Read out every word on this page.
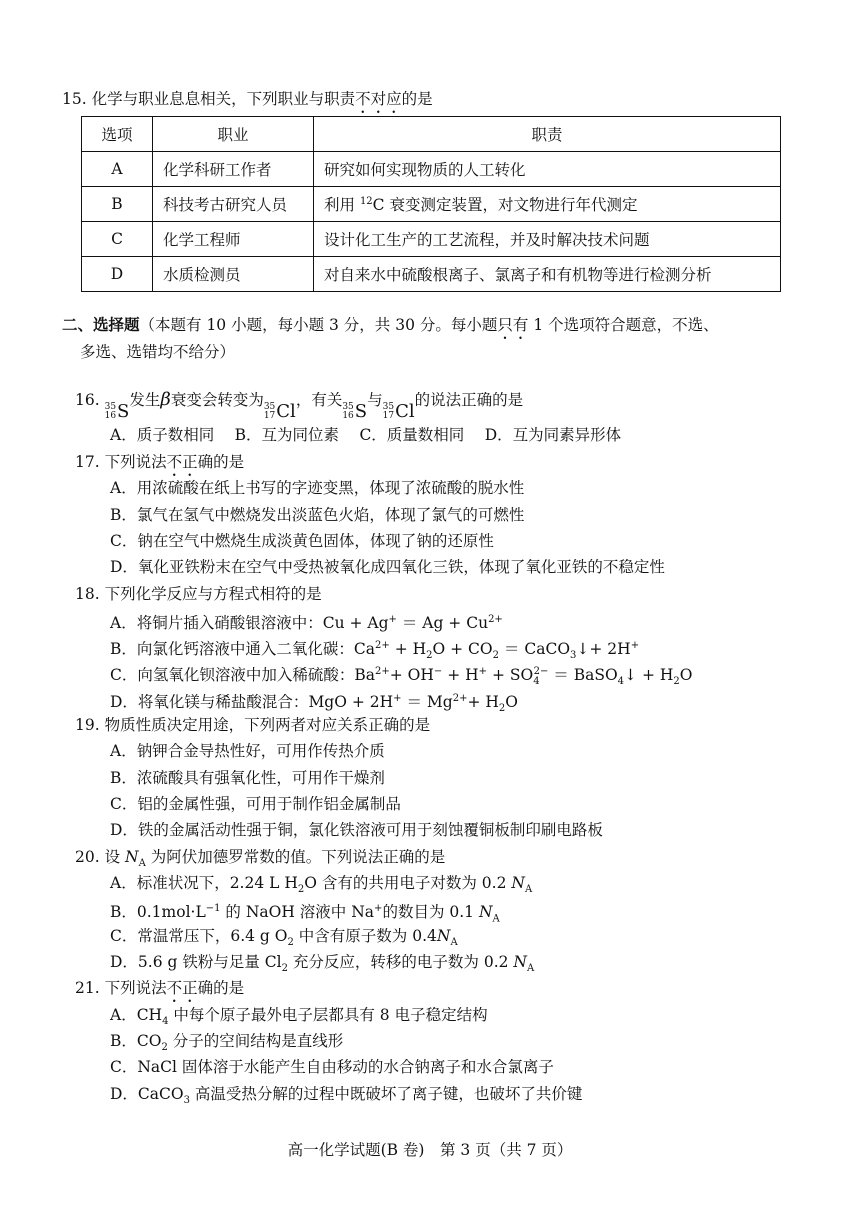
15. 化学与职业息息相关，下列职业与职责不对应的是
选项	职业	职责
A	化学科研工作者	研究如何实现物质的人工转化
B	科技考古研究人员	利用 $^{12}$C 衰变测定装置，对文物进行年代测定
C	化学工程师	设计化工生产的工艺流程，并及时解决技术问题
D	水质检测员	对自来水中硫酸根离子、氯离子和有机物等进行检测分析
二、选择题（本题有 10 小题，每小题 3 分，共 30 分。每小题只有 1 个选项符合题意，不选、
多选、选错均不给分）
16. 35
16 S
发生β衰变会转变为 35
17 Cl
，有关 35
16 S
与 35
17 Cl
的说法正确的是
A．质子数相同　 B．互为同位素　 C．质量数相同　 D．互为同素异形体
17. 下列说法不正确的是
A．用浓硫酸在纸上书写的字迹变黑，体现了浓硫酸的脱水性
B．氯气在氢气中燃烧发出淡蓝色火焰，体现了氯气的可燃性
C．钠在空气中燃烧生成淡黄色固体，体现了钠的还原性
D．氧化亚铁粉末在空气中受热被氧化成四氧化三铁，体现了氧化亚铁的不稳定性
18. 下列化学反应与方程式相符的是
A．将铜片插入硝酸银溶液中：$Cu + Ag^+ = Ag + Cu^{2+}$
B．向氯化钙溶液中通入二氧化碳：$Ca^{2+} + H_2O + CO_2$ ＝ CaCO$_3$↓+ 2H+
C．向氢氧化钡溶液中加入稀硫酸：$Ba^{2+}+ OH^- + H^+ + SO_4^{2-}$ ＝ BaSO$_4$↓ + $H_2O$
D．将氧化镁与稀盐酸混合：MgO + $2H^+ = Mg^{2+}+ H_2O$
19. 物质性质决定用途，下列两者对应关系正确的是
A．钠钾合金导热性好，可用作传热介质
B．浓硫酸具有强氧化性，可用作干燥剂
C．铝的金属性强，可用于制作铝金属制品
D．铁的金属活动性强于铜，氯化铁溶液可用于刻蚀覆铜板制印刷电路板
20. 设 $N_A$ 为阿伏加德罗常数的值。下列说法正确的是
A．标准状况下，2.24 L $H_2O$ 含有的共用电子对数为 0.2 $N_A$
B．$0.1mol\cdot L^{-1}$ 的 NaOH 溶液中 Na+的数目为 0.1 $N_A$
C．常温常压下，6.4 g $O_2$ 中含有原子数为 $0.4N_A$
D．5.6 g 铁粉与足量 $Cl_2$ 充分反应，转移的电子数为 0.2 $N_A$
21. 下列说法不正确的是
A．$CH_4$ 中每个原子最外电子层都具有 8 电子稳定结构
B．$CO_2$ 分子的空间结构是直线形
C．NaCl 固体溶于水能产生自由移动的水合钠离子和水合氯离子
D．CaCO$_3$ 高温受热分解的过程中既破坏了离子键，也破坏了共价键
高一化学试题(B 卷)　第 3 页（共 7 页）
